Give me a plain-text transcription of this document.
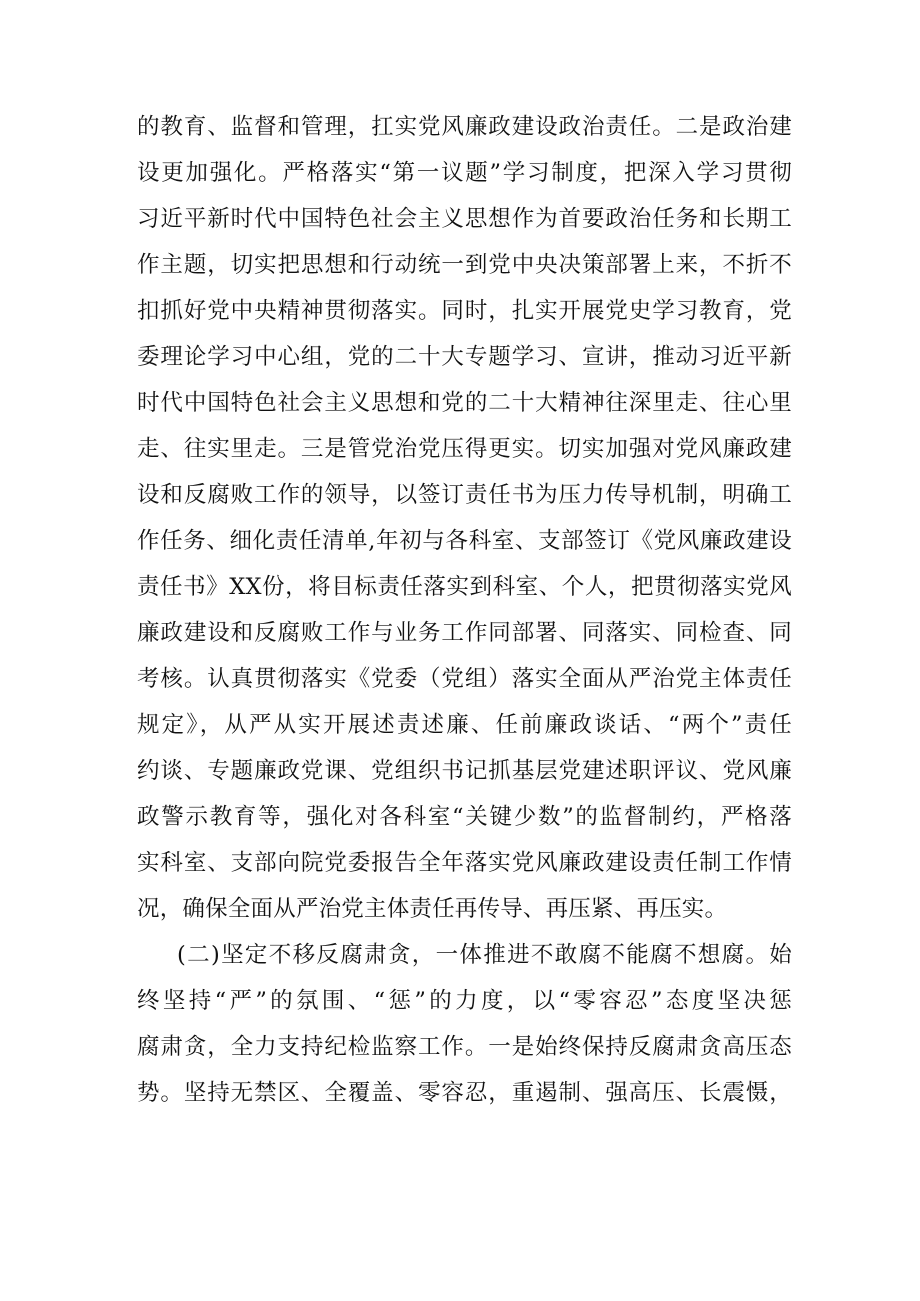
的教育、监督和管理，扛实党风廉政建设政治责任。二是政治建
设更加强化。严格落实“第一议题”学习制度，把深入学习贯彻
习近平新时代中国特色社会主义思想作为首要政治任务和长期工
作主题，切实把思想和行动统一到党中央决策部署上来，不折不
扣抓好党中央精神贯彻落实。同时，扎实开展党史学习教育，党
委理论学习中心组，党的二十大专题学习、宣讲，推动习近平新
时代中国特色社会主义思想和党的二十大精神往深里走、往心里
走、往实里走。三是管党治党压得更实。切实加强对党风廉政建
设和反腐败工作的领导，以签订责任书为压力传导机制，明确工
作任务、细化责任清单,年初与各科室、支部签订《党风廉政建设
责任书》XX份，将目标责任落实到科室、个人，把贯彻落实党风
廉政建设和反腐败工作与业务工作同部署、同落实、同检查、同
考核。认真贯彻落实《党委（党组）落实全面从严治党主体责任
规定》，从严从实开展述责述廉、任前廉政谈话、“两个”责任
约谈、专题廉政党课、党组织书记抓基层党建述职评议、党风廉
政警示教育等，强化对各科室“关键少数”的监督制约，严格落
实科室、支部向院党委报告全年落实党风廉政建设责任制工作情
况，确保全面从严治党主体责任再传导、再压紧、再压实。
(二)坚定不移反腐肃贪，一体推进不敢腐不能腐不想腐。始
终坚持“严”的氛围、“惩”的力度，以“零容忍”态度坚决惩
腐肃贪，全力支持纪检监察工作。一是始终保持反腐肃贪高压态
势。坚持无禁区、全覆盖、零容忍，重遏制、强高压、长震慑，
